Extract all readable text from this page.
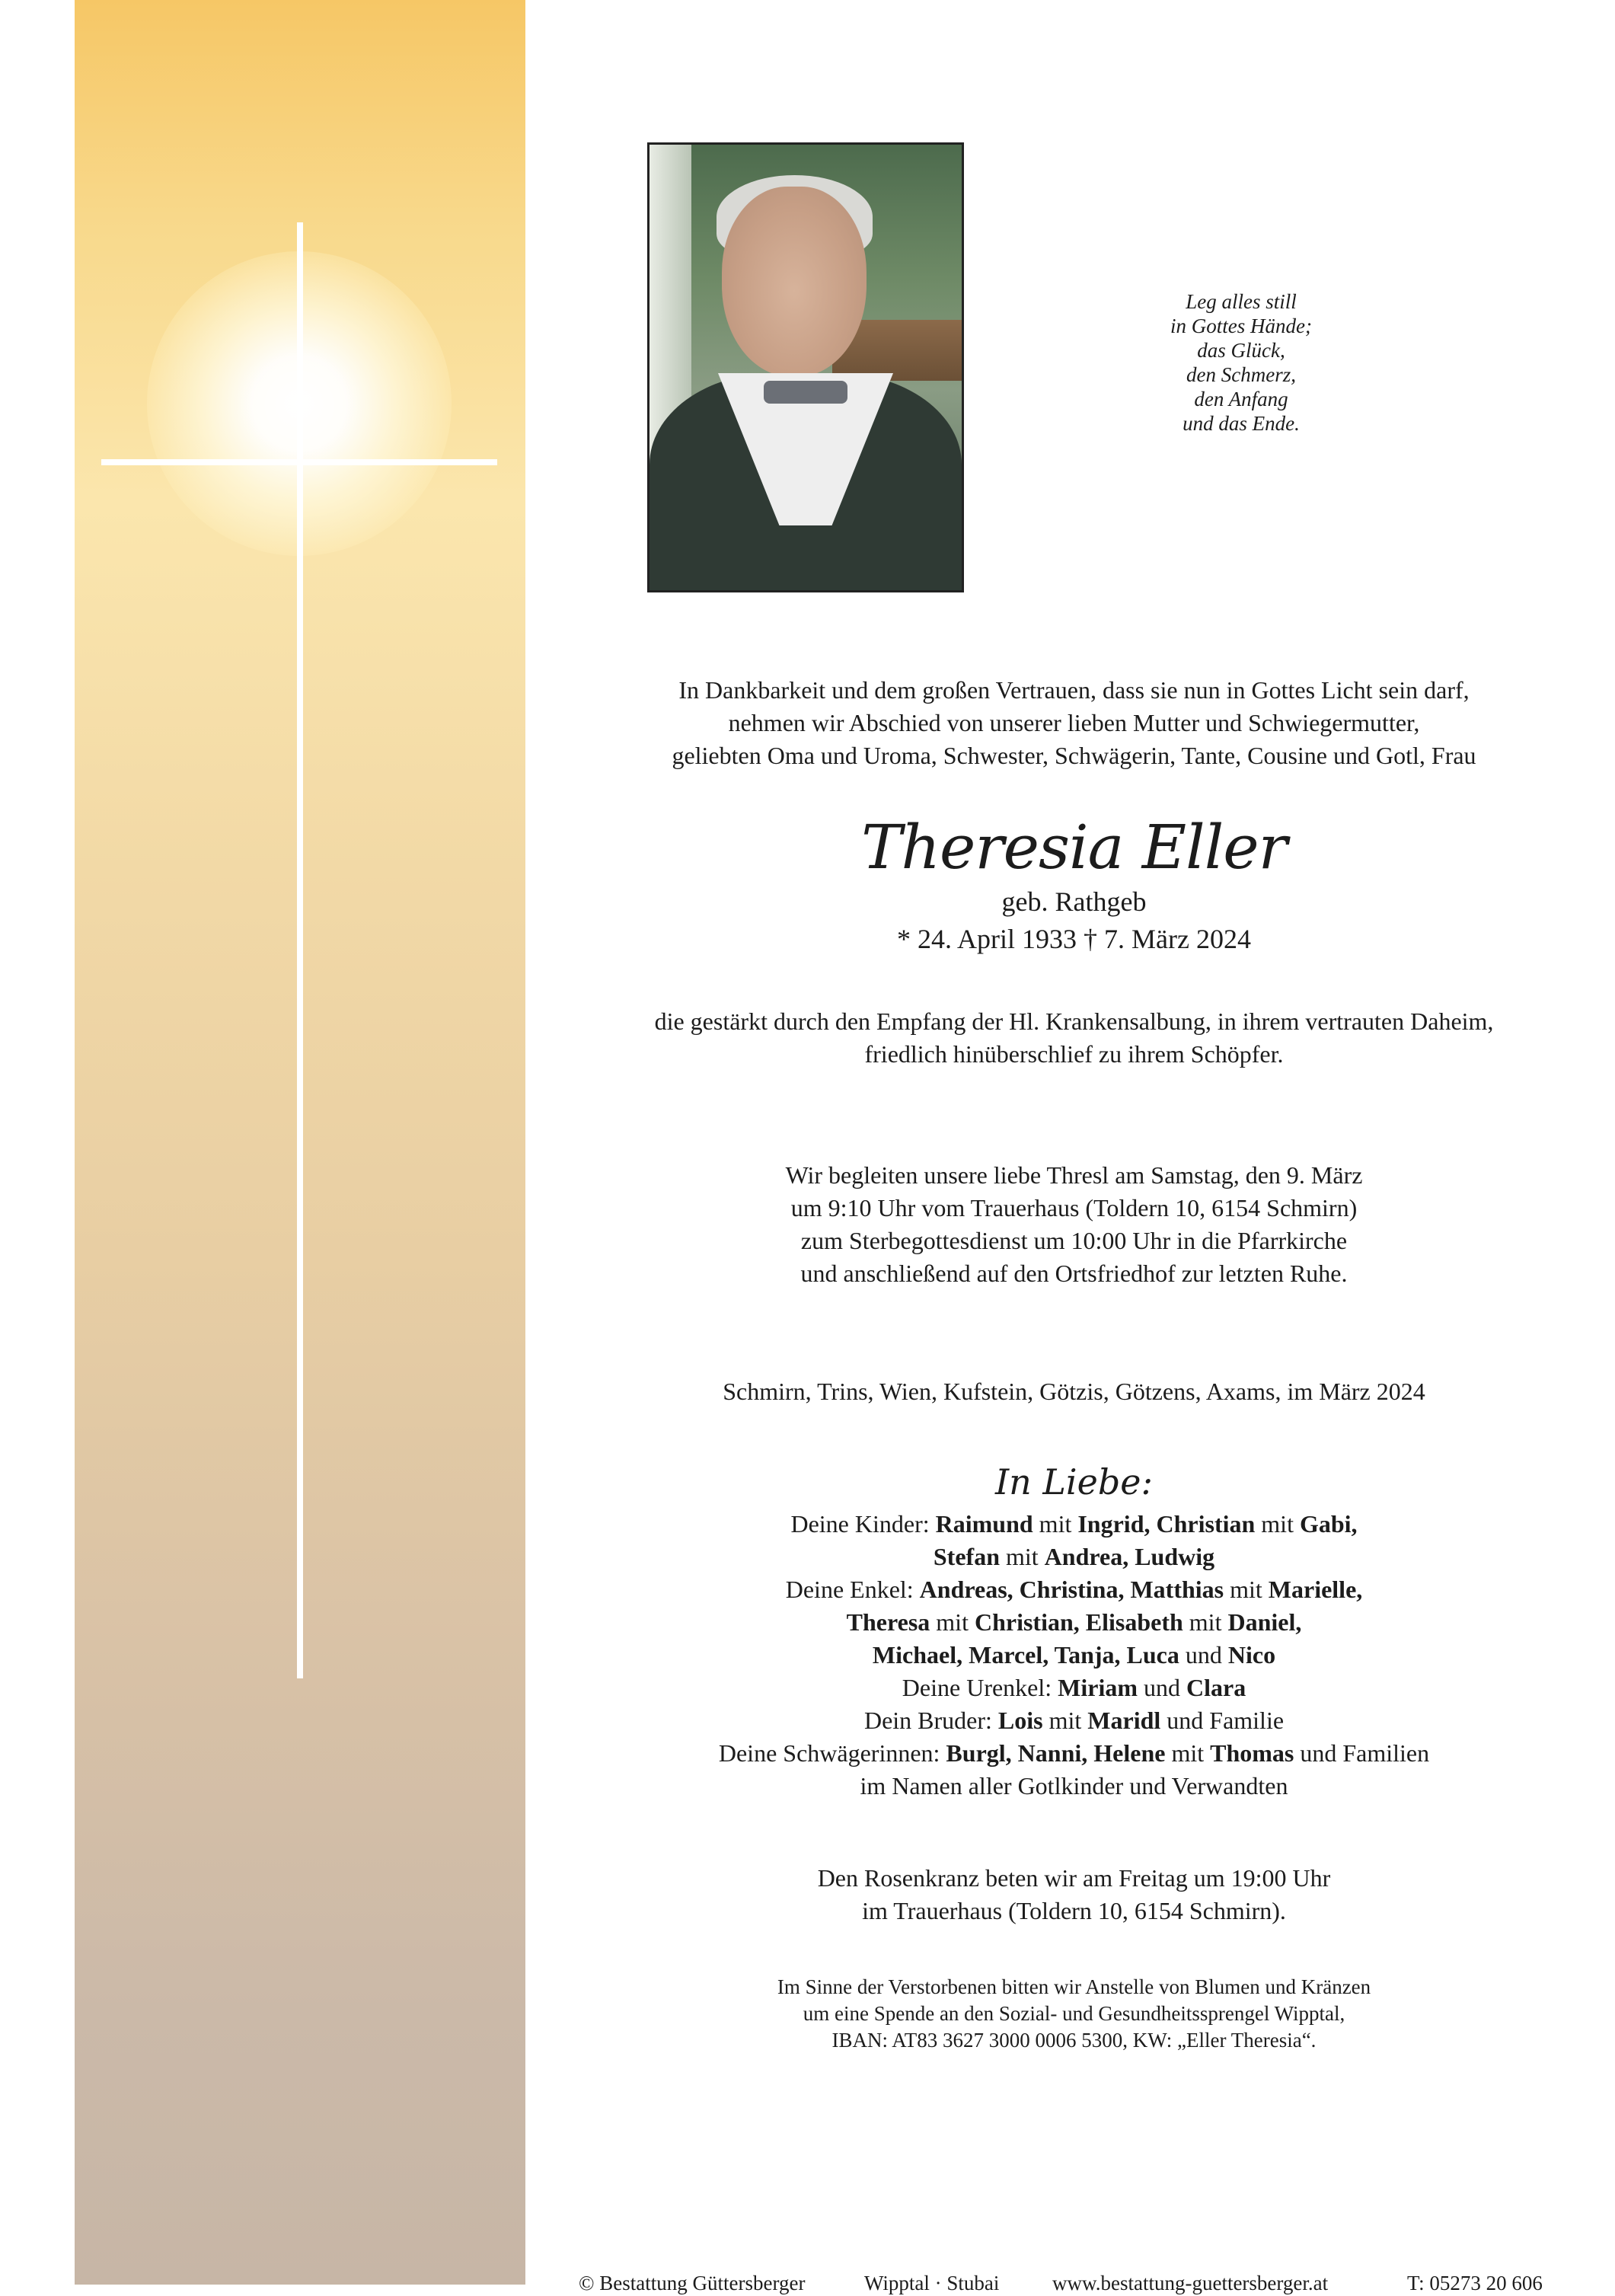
Leg alles still
in Gottes Hände;
das Glück,
den Schmerz,
den Anfang
und das Ende.
In Dankbarkeit und dem großen Vertrauen, dass sie nun in Gottes Licht sein darf,
nehmen wir Abschied von unserer lieben Mutter und Schwiegermutter,
geliebten Oma und Uroma, Schwester, Schwägerin, Tante, Cousine und Gotl, Frau
Theresia Eller
geb. Rathgeb
* 24. April 1933 † 7. März 2024
die gestärkt durch den Empfang der Hl. Krankensalbung, in ihrem vertrauten Daheim,
friedlich hinüberschlief zu ihrem Schöpfer.
Wir begleiten unsere liebe Thresl am Samstag, den 9. März
um 9:10 Uhr vom Trauerhaus (Toldern 10, 6154 Schmirn)
zum Sterbegottesdienst um 10:00 Uhr in die Pfarrkirche
und anschließend auf den Ortsfriedhof zur letzten Ruhe.
Schmirn, Trins, Wien, Kufstein, Götzis, Götzens, Axams, im März 2024
In Liebe:
Deine Kinder: Raimund mit Ingrid, Christian mit Gabi,
Stefan mit Andrea, Ludwig
Deine Enkel: Andreas, Christina, Matthias mit Marielle,
Theresa mit Christian, Elisabeth mit Daniel,
Michael, Marcel, Tanja, Luca und Nico
Deine Urenkel: Miriam und Clara
Dein Bruder: Lois mit Maridl und Familie
Deine Schwägerinnen: Burgl, Nanni, Helene mit Thomas und Familien
im Namen aller Gotlkinder und Verwandten
Den Rosenkranz beten wir am Freitag um 19:00 Uhr
im Trauerhaus (Toldern 10, 6154 Schmirn).
Im Sinne der Verstorbenen bitten wir Anstelle von Blumen und Kränzen
um eine Spende an den Sozial- und Gesundheitssprengel Wipptal,
IBAN: AT83 3627 3000 0006 5300, KW: „Eller Theresia“.
© Bestattung Güttersberger	Wipptal · Stubai	www.bestattung-guettersberger.at	T: 05273 20 606
